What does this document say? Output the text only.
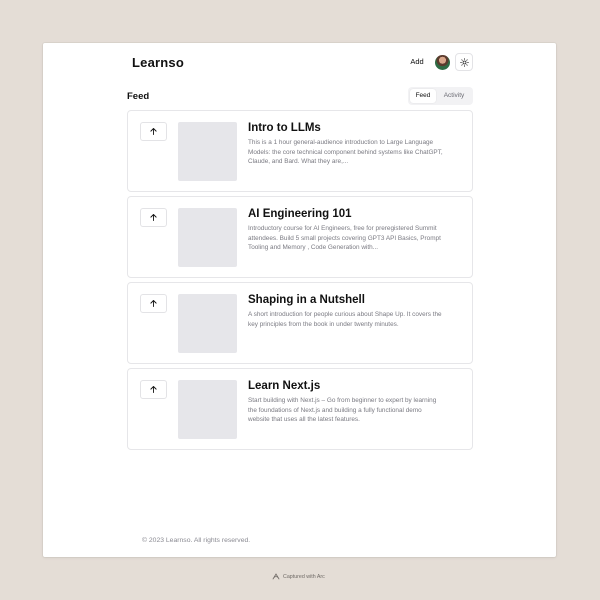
Learnso	Add
Feed	Feed	Activity
Intro to LLMs
This is a 1 hour general-audience introduction to Large Language Models: the core technical component behind systems like ChatGPT, Claude, and Bard. What they are,...
AI Engineering 101
Introductory course for AI Engineers, free for preregistered Summit attendees. Build 5 small projects covering GPT3 API Basics, Prompt Tooling and Memory , Code Generation with...
Shaping in a Nutshell
A short introduction for people curious about Shape Up. It covers the key principles from the book in under twenty minutes.
Learn Next.js
Start building with Next.js – Go from beginner to expert by learning the foundations of Next.js and building a fully functional demo website that uses all the latest features.
© 2023 Learnso. All rights reserved.
Captured with Arc
